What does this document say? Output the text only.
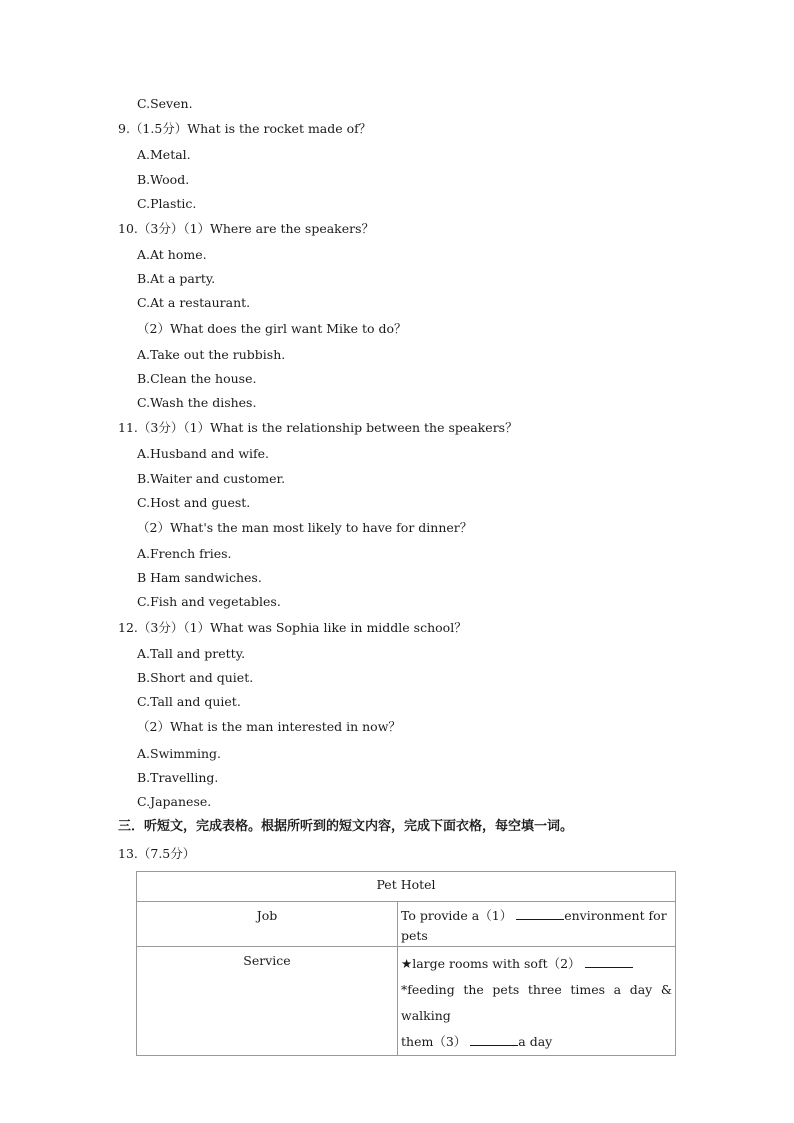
C.Seven.
9.（1.5分）What is the rocket made of？
A.Metal.
B.Wood.
C.Plastic.
10.（3分）（1）Where are the speakers？
A.At home.
B.At a party.
C.At a restaurant.
（2）What does the girl want Mike to do？
A.Take out the rubbish.
B.Clean the house.
C.Wash the dishes.
11.（3分）（1）What is the relationship between the speakers？
A.Husband and wife.
B.Waiter and customer.
C.Host and guest.
（2）What's the man most likely to have for dinner？
A.French fries.
B Ham sandwiches.
C.Fish and vegetables.
12.（3分）（1）What was Sophia like in middle school？
A.Tall and pretty.
B.Short and quiet.
C.Tall and quiet.
（2）What is the man interested in now？
A.Swimming.
B.Travelling.
C.Japanese.
三．听短文，完成表格。根据所听到的短文内容，完成下面衣格，每空填一词。
13.（7.5分）
Pet Hotel	
Job	To provide a（1） environment for pets
Service	★large rooms with soft（2）
*feeding the pets three times a day & walking
them（3） a day
